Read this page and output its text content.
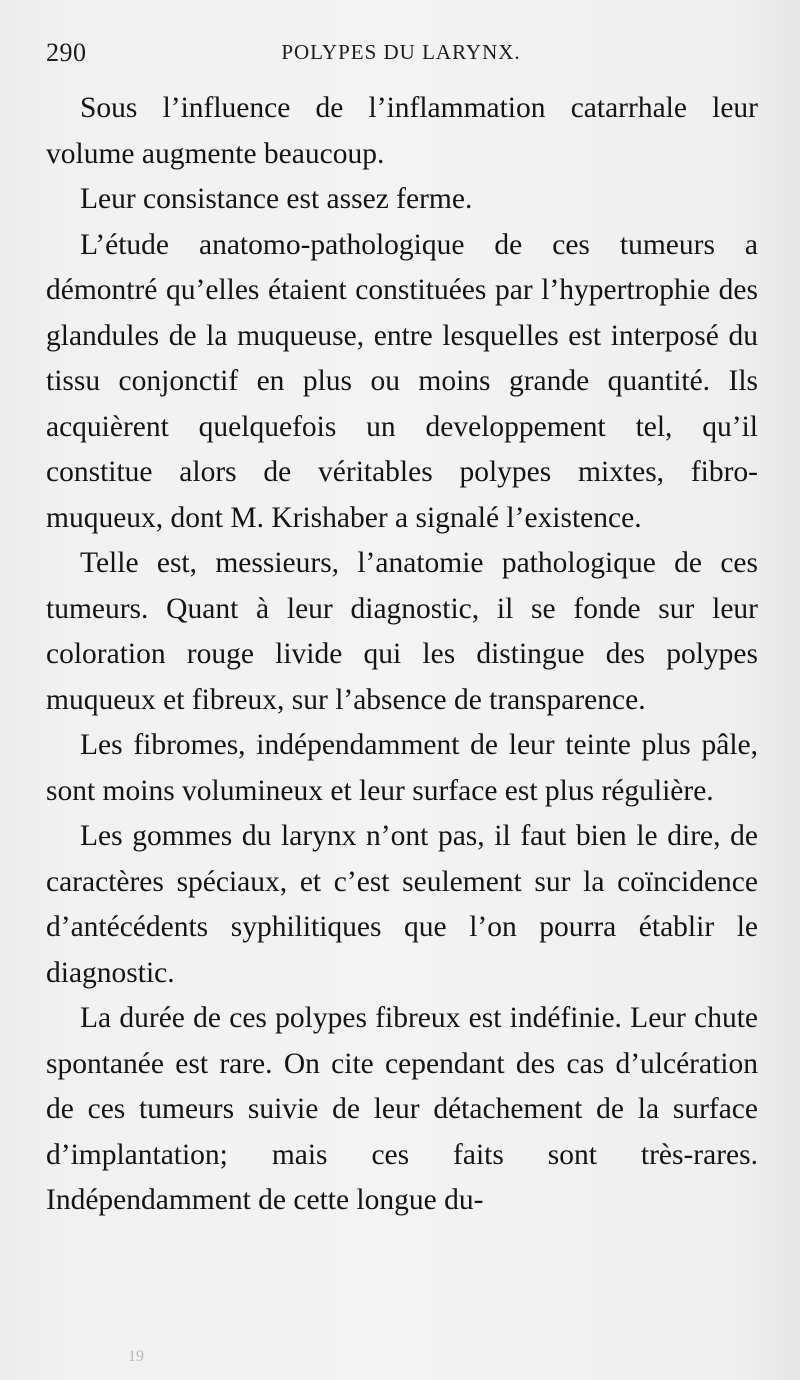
290	POLYPES DU LARYNX.

Sous l’influence de l’inflammation catarrhale leur volume augmente beaucoup.

Leur consistance est assez ferme.

L’étude anatomo-pathologique de ces tumeurs a démontré qu’elles étaient constituées par l’hypertrophie des glandules de la muqueuse, entre lesquelles est interposé du tissu conjonctif en plus ou moins grande quantité. Ils acquièrent quelquefois un developpement tel, qu’il constitue alors de véritables polypes mixtes, fibro-muqueux, dont M. Krishaber a signalé l’existence.

Telle est, messieurs, l’anatomie pathologique de ces tumeurs. Quant à leur diagnostic, il se fonde sur leur coloration rouge livide qui les distingue des polypes muqueux et fibreux, sur l’absence de transparence.

Les fibromes, indépendamment de leur teinte plus pâle, sont moins volumineux et leur surface est plus régulière.

Les gommes du larynx n’ont pas, il faut bien le dire, de caractères spéciaux, et c’est seulement sur la coïncidence d’antécédents syphilitiques que l’on pourra établir le diagnostic.

La durée de ces polypes fibreux est indéfinie. Leur chute spontanée est rare. On cite cependant des cas d’ulcération de ces tumeurs suivie de leur détachement de la surface d’implantation; mais ces faits sont très-rares. Indépendamment de cette longue du-

19
